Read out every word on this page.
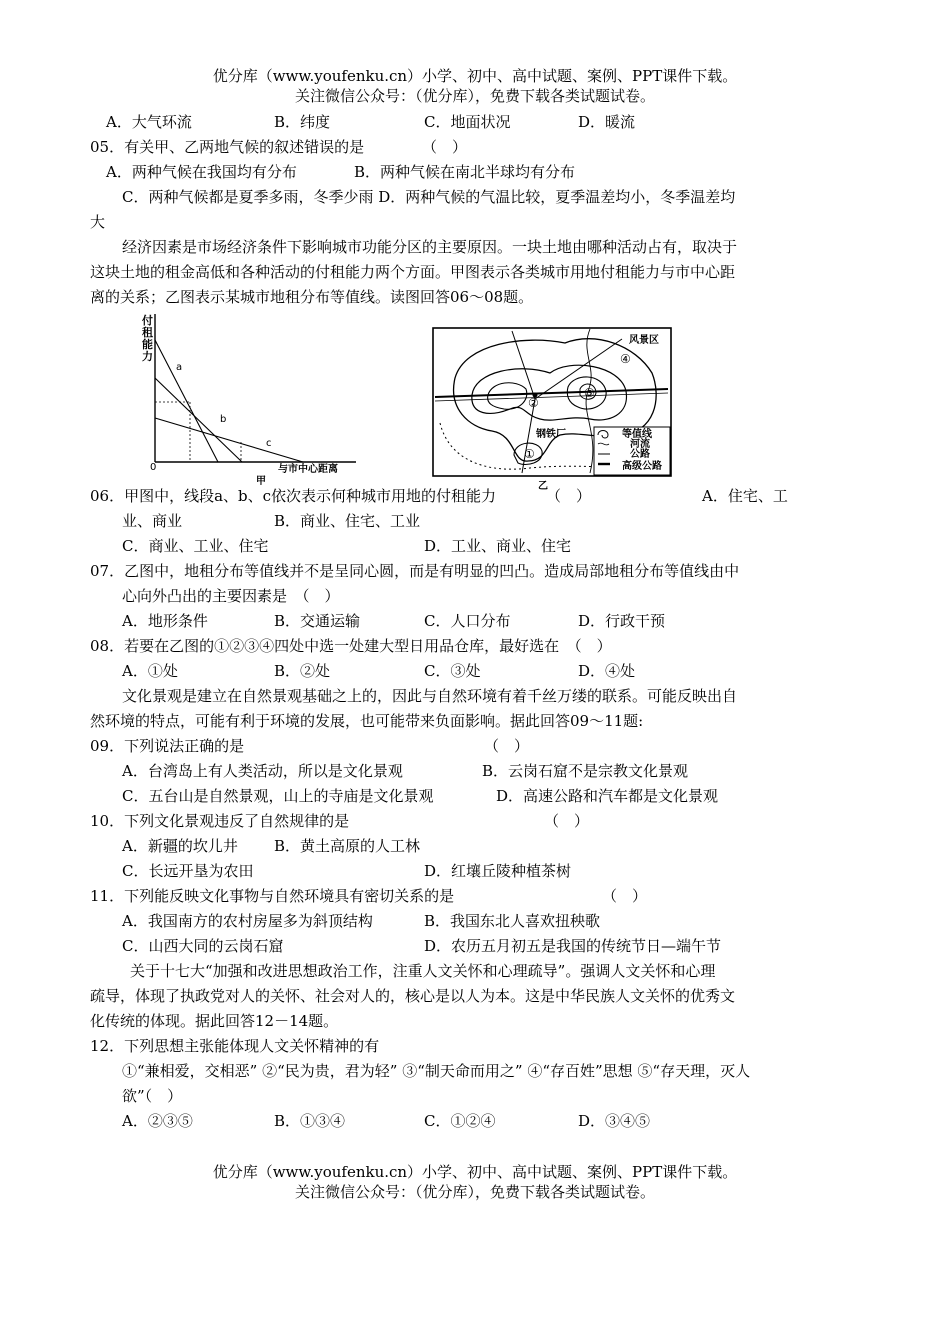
优分库（www.youfenku.cn）小学、初中、高中试题、案例、PPT课件下载。
关注微信公众号：（优分库），免费下载各类试题试卷。
A．大气环流	B．纬度	C．地面状况	D．暖流
05．有关甲、乙两地气候的叙述错误的是	（　）
A．两种气候在我国均有分布	B．两种气候在南北半球均有分布
C．两种气候都是夏季多雨，冬季少雨 D．两种气候的气温比较，夏季温差均小，冬季温差均
大
经济因素是市场经济条件下影响城市功能分区的主要原因。一块土地由哪种活动占有，取决于
这块土地的租金高低和各种活动的付租能力两个方面。甲图表示各类城市用地付租能力与市中心距
离的关系；乙图表示某城市地租分布等值线。读图回答06～08题。
付
租
能
力
0	与市中心距离
a
b
c
甲
②
③
④
①
风景区
钢铁厂	等值线
河流
公路
高级公路
乙
06．甲图中，线段a、b、c依次表示何种城市用地的付租能力	（　）	A．住宅、工
业、商业	B．商业、住宅、工业
C．商业、工业、住宅	D．工业、商业、住宅
07．乙图中，地租分布等值线并不是呈同心圆，而是有明显的凹凸。造成局部地租分布等值线由中
心向外凸出的主要因素是　（　）
A．地形条件	B．交通运输	C．人口分布	D．行政干预
08．若要在乙图的①②③④四处中选一处建大型日用品仓库，最好选在　（　）
A．①处	B．②处	C．③处	D．④处
文化景观是建立在自然景观基础之上的，因此与自然环境有着千丝万缕的联系。可能反映出自
然环境的特点，可能有利于环境的发展，也可能带来负面影响。据此回答09～11题:
09．下列说法正确的是	（　）
A．台湾岛上有人类活动，所以是文化景观	B．云岗石窟不是宗教文化景观
C．五台山是自然景观，山上的寺庙是文化景观	D．高速公路和汽车都是文化景观
10．下列文化景观违反了自然规律的是	（　）
A．新疆的坎儿井 B．黄土高原的人工林
C．长远开垦为农田	D．红壤丘陵种植茶树
11．下列能反映文化事物与自然环境具有密切关系的是	（　）
A．我国南方的农村房屋多为斜顶结构	B．我国东北人喜欢扭秧歌
C．山西大同的云岗石窟	D．农历五月初五是我国的传统节日—端午节
关于十七大“加强和改进思想政治工作，注重人文关怀和心理疏导”。强调人文关怀和心理
疏导，体现了执政党对人的关怀、社会对人的，核心是以人为本。这是中华民族人文关怀的优秀文
化传统的体现。据此回答12－14题。
12．下列思想主张能体现人文关怀精神的有
①“兼相爱，交相恶” ②“民为贵，君为轻” ③“制天命而用之” ④“存百姓”思想 ⑤“存天理，灭人
欲”（　）
A．②③⑤	B．①③④	C．①②④	D．③④⑤
优分库（www.youfenku.cn）小学、初中、高中试题、案例、PPT课件下载。
关注微信公众号：（优分库），免费下载各类试题试卷。
